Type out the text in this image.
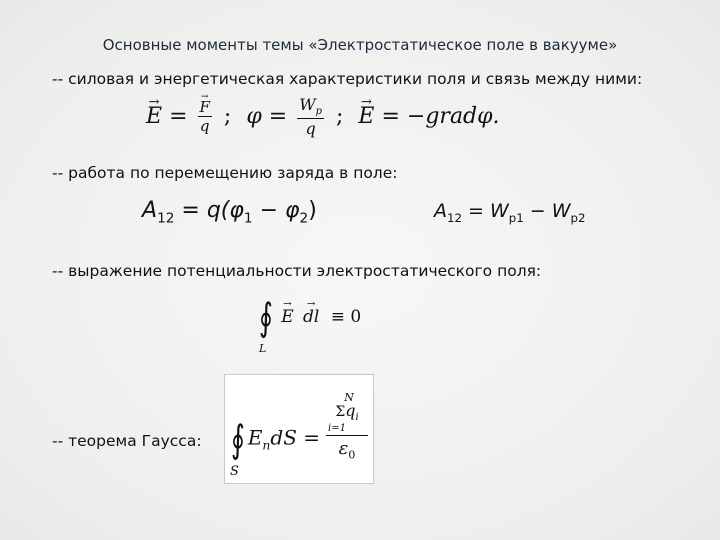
Основные моменты темы «Электростатическое поле в вакууме»
-- силовая и энергетическая характеристики поля и связь между ними:
-- работа по перемещению заряда в поле:
-- выражение потенциальности электростатического поля:
-- теорема Гаусса:
→ E = → $\frac{F}{q}$ ; $\varphi = \frac{W_p}{q}$ ; → E = −gradφ.
$A_{12} = q(\varphi_1 - \varphi_2)$	$A_{12} = W_{p1} - W_{p2}$
∮ → E → dl ≡ 0
L
∮ $E_ndS$ =
S
N
$\Sigma q_i$
i=1
$\varepsilon_0$
